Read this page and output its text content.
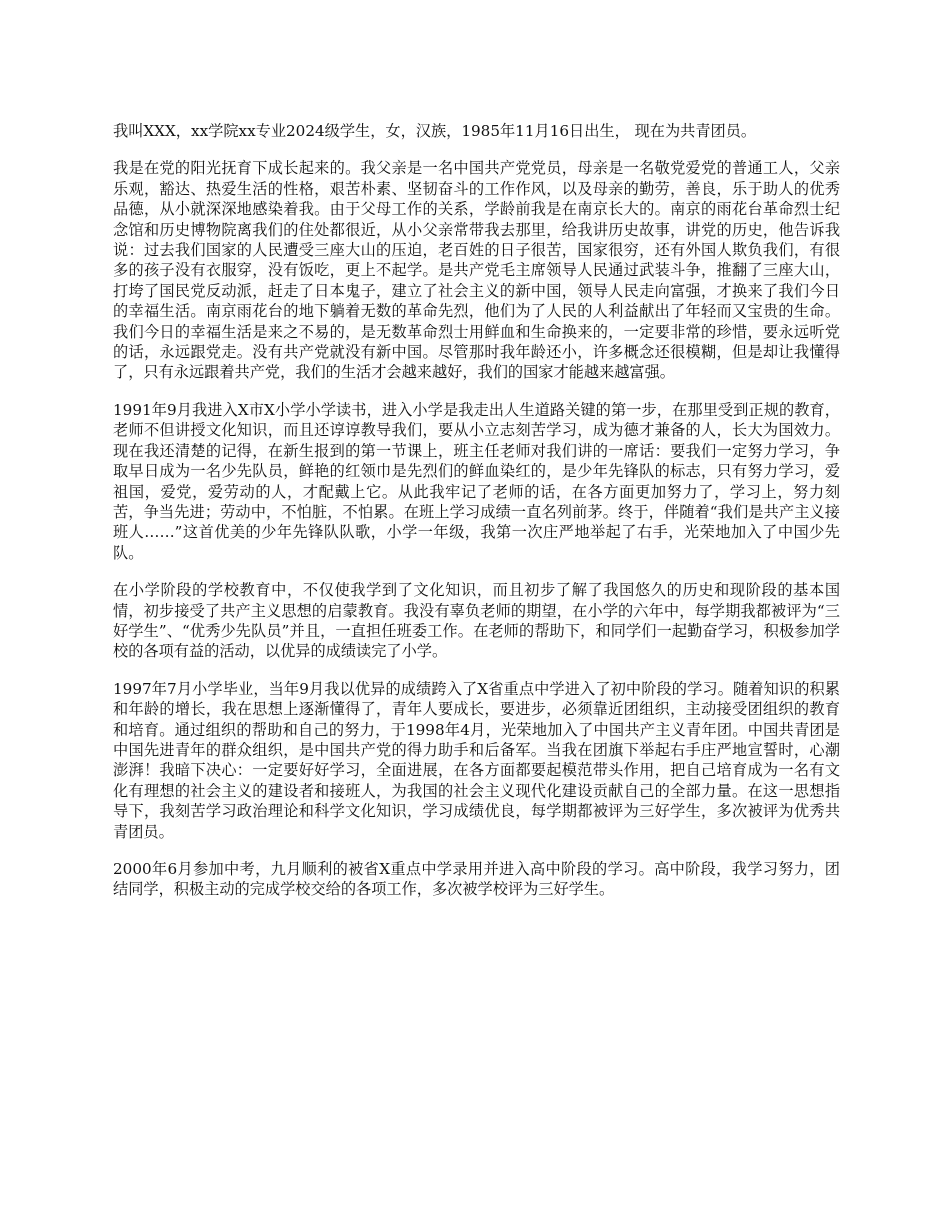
我叫XXX，xx学院xx专业2024级学生，女，汉族，1985年11月16日出生， 现在为共青团员。

我是在党的阳光抚育下成长起来的。我父亲是一名中国共产党党员，母亲是一名敬党爱党的普通工人，父亲乐观，豁达、热爱生活的性格，艰苦朴素、坚韧奋斗的工作作风，以及母亲的勤劳，善良，乐于助人的优秀品德，从小就深深地感染着我。由于父母工作的关系，学龄前我是在南京长大的。南京的雨花台革命烈士纪念馆和历史博物院离我们的住处都很近，从小父亲常带我去那里，给我讲历史故事，讲党的历史，他告诉我说：过去我们国家的人民遭受三座大山的压迫，老百姓的日子很苦，国家很穷，还有外国人欺负我们，有很多的孩子没有衣服穿，没有饭吃，更上不起学。是共产党毛主席领导人民通过武装斗争，推翻了三座大山，打垮了国民党反动派，赶走了日本鬼子，建立了社会主义的新中国，领导人民走向富强，才换来了我们今日的幸福生活。南京雨花台的地下躺着无数的革命先烈，他们为了人民的人利益献出了年轻而又宝贵的生命。我们今日的幸福生活是来之不易的，是无数革命烈士用鲜血和生命换来的，一定要非常的珍惜，要永远听党的话，永远跟党走。没有共产党就没有新中国。尽管那时我年龄还小，许多概念还很模糊，但是却让我懂得了，只有永远跟着共产党，我们的生活才会越来越好，我们的国家才能越来越富强。

1991年9月我进入X市X小学小学读书，进入小学是我走出人生道路关键的第一步，在那里受到正规的教育，老师不但讲授文化知识，而且还谆谆教导我们，要从小立志刻苦学习，成为德才兼备的人，长大为国效力。现在我还清楚的记得，在新生报到的第一节课上，班主任老师对我们讲的一席话：要我们一定努力学习，争取早日成为一名少先队员，鲜艳的红领巾是先烈们的鲜血染红的，是少年先锋队的标志，只有努力学习，爱祖国，爱党，爱劳动的人，才配戴上它。从此我牢记了老师的话，在各方面更加努力了，学习上，努力刻苦，争当先进；劳动中，不怕脏，不怕累。在班上学习成绩一直名列前茅。终于，伴随着“我们是共产主义接班人……”这首优美的少年先锋队队歌，小学一年级，我第一次庄严地举起了右手，光荣地加入了中国少先队。

在小学阶段的学校教育中，不仅使我学到了文化知识，而且初步了解了我国悠久的历史和现阶段的基本国情，初步接受了共产主义思想的启蒙教育。我没有辜负老师的期望，在小学的六年中，每学期我都被评为“三好学生”、“优秀少先队员”并且，一直担任班委工作。在老师的帮助下，和同学们一起勤奋学习，积极参加学校的各项有益的活动，以优异的成绩读完了小学。

1997年7月小学毕业，当年9月我以优异的成绩跨入了X省重点中学进入了初中阶段的学习。随着知识的积累和年龄的增长，我在思想上逐渐懂得了，青年人要成长，要进步，必须靠近团组织，主动接受团组织的教育和培育。通过组织的帮助和自己的努力，于1998年4月，光荣地加入了中国共产主义青年团。中国共青团是中国先进青年的群众组织，是中国共产党的得力助手和后备军。当我在团旗下举起右手庄严地宣誓时，心潮澎湃！我暗下决心：一定要好好学习，全面进展，在各方面都要起模范带头作用，把自己培育成为一名有文化有理想的社会主义的建设者和接班人，为我国的社会主义现代化建设贡献自己的全部力量。在这一思想指导下，我刻苦学习政治理论和科学文化知识，学习成绩优良，每学期都被评为三好学生，多次被评为优秀共青团员。

2000年6月参加中考，九月顺利的被省X重点中学录用并进入高中阶段的学习。高中阶段，我学习努力，团结同学，积极主动的完成学校交给的各项工作，多次被学校评为三好学生。
